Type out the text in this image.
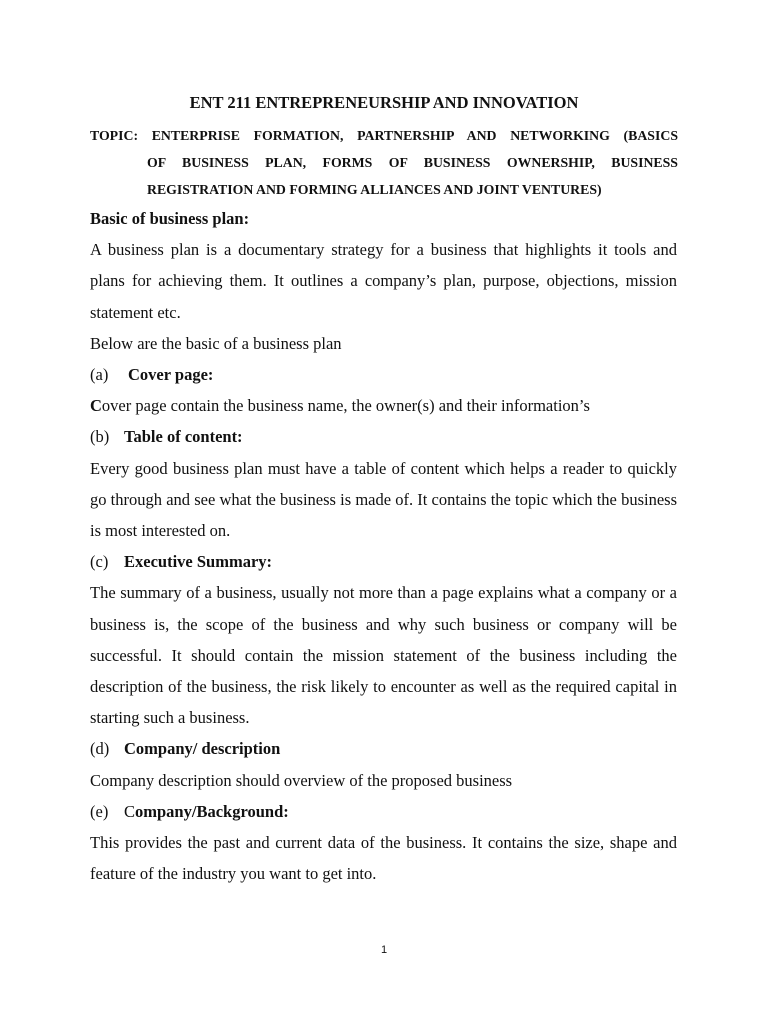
ENT 211 ENTREPRENEURSHIP AND INNOVATION
TOPIC: ENTERPRISE FORMATION, PARTNERSHIP AND NETWORKING (BASICS
OF BUSINESS PLAN, FORMS OF BUSINESS OWNERSHIP, BUSINESS
REGISTRATION AND FORMING ALLIANCES AND JOINT VENTURES)

Basic of business plan:

A business plan is a documentary strategy for a business that highlights it tools and plans for achieving them. It outlines a company’s plan, purpose, objections, mission statement etc.

Below are the basic of a business plan

(a) Cover page:

Cover page contain the business name, the owner(s) and their information’s

(b) Table of content:

Every good business plan must have a table of content which helps a reader to quickly go through and see what the business is made of. It contains the topic which the business is most interested on.

(c) Executive Summary:

The summary of a business, usually not more than a page explains what a company or a business is, the scope of the business and why such business or company will be successful. It should contain the mission statement of the business including the description of the business, the risk likely to encounter as well as the required capital in starting such a business.

(d) Company/ description

Company description should overview of the proposed business

(e) Company/Background:

This provides the past and current data of the business. It contains the size, shape and feature of the industry you want to get into.

1
